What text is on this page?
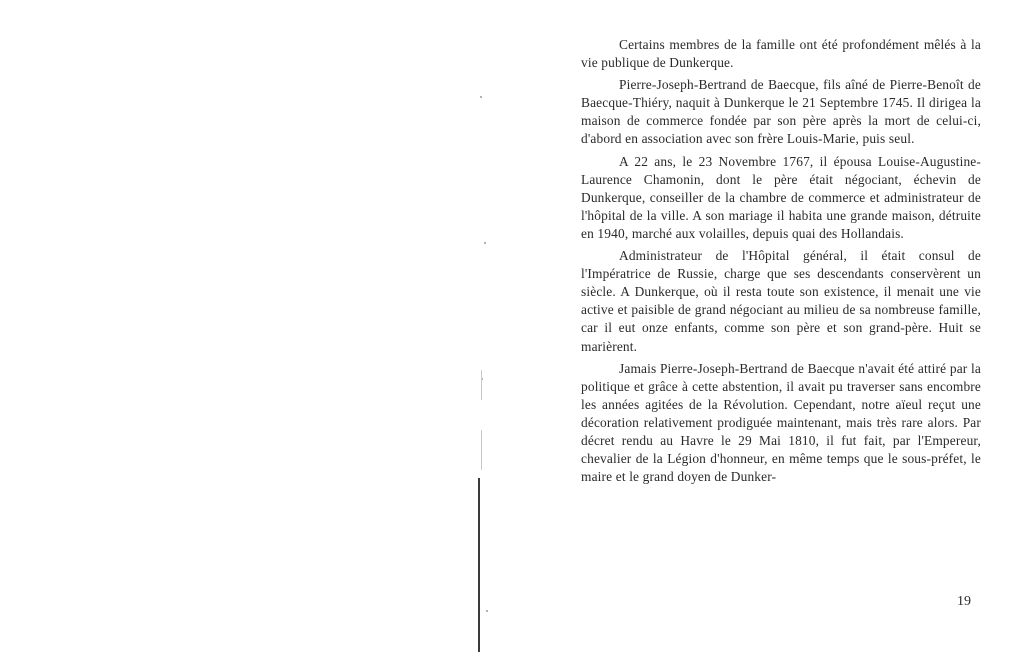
Certains membres de la famille ont été profondément mêlés à la vie publique de Dunkerque.

Pierre-Joseph-Bertrand de Baecque, fils aîné de Pierre-Benoît de Baecque-Thiéry, naquit à Dunkerque le 21 Septembre 1745. Il dirigea la maison de commerce fondée par son père après la mort de celui-ci, d'abord en association avec son frère Louis-Marie, puis seul.

A 22 ans, le 23 Novembre 1767, il épousa Louise-Augustine-Laurence Chamonin, dont le père était négociant, échevin de Dunkerque, conseiller de la chambre de commerce et administrateur de l'hôpital de la ville. A son mariage il habita une grande maison, détruite en 1940, marché aux volailles, depuis quai des Hollandais.

Administrateur de l'Hôpital général, il était consul de l'Impératrice de Russie, charge que ses descendants conservèrent un siècle. A Dunkerque, où il resta toute son existence, il menait une vie active et paisible de grand négociant au milieu de sa nombreuse famille, car il eut onze enfants, comme son père et son grand-père. Huit se marièrent.

Jamais Pierre-Joseph-Bertrand de Baecque n'avait été attiré par la politique et grâce à cette abstention, il avait pu traverser sans encombre les années agitées de la Révolution. Cependant, notre aïeul reçut une décoration relativement prodiguée maintenant, mais très rare alors. Par décret rendu au Havre le 29 Mai 1810, il fut fait, par l'Empereur, chevalier de la Légion d'honneur, en même temps que le sous-préfet, le maire et le grand doyen de Dunker-

19
